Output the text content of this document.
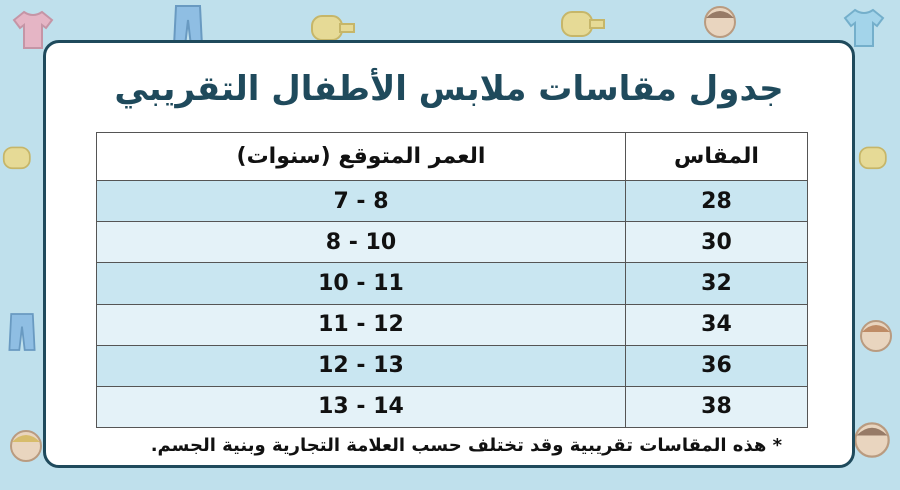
جدول مقاسات ملابس الأطفال التقريبي
المقاس	العمر المتوقع (سنوات)
28	7 - 8
30	8 - 10
32	10 - 11
34	11 - 12
36	12 - 13
38	13 - 14
* هذه المقاسات تقريبية وقد تختلف حسب العلامة التجارية وبنية الجسم.
